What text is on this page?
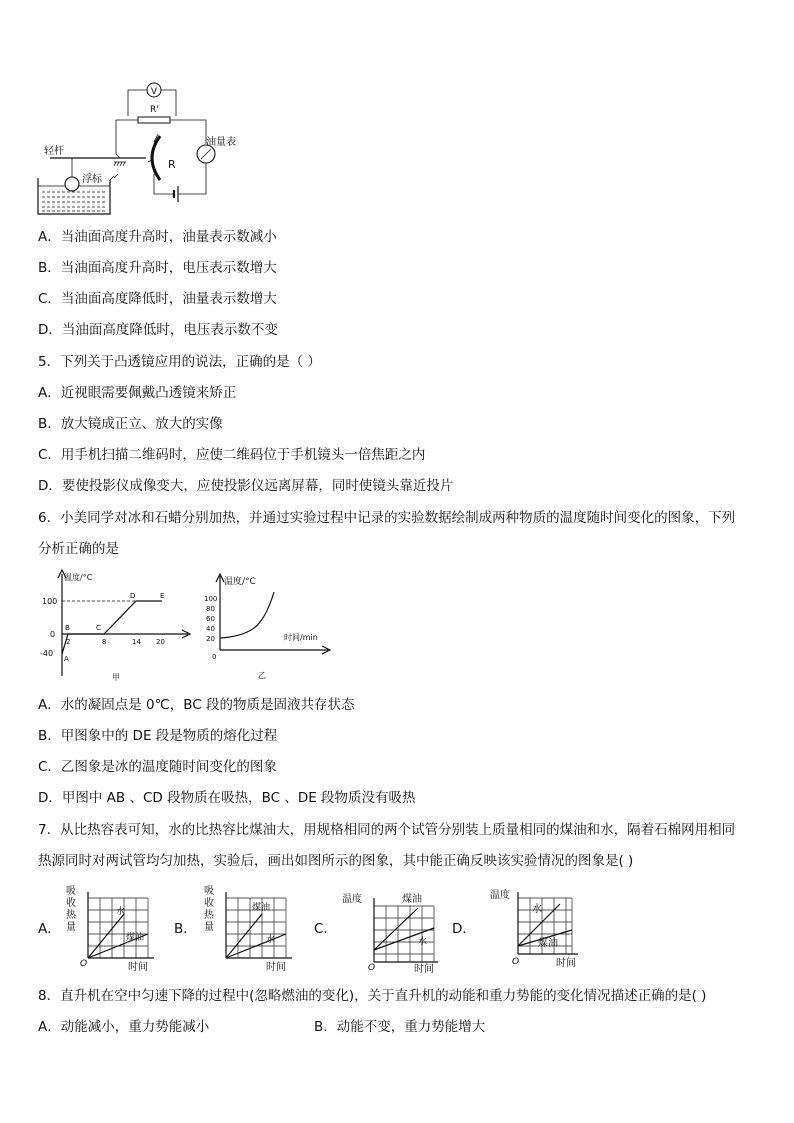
V
R'
油量表
R
轻杆
浮标
A．当油面高度升高时，油量表示数减小
B．当油面高度升高时，电压表示数增大
C．当油面高度降低时，油量表示数增大
D．当油面高度降低时，电压表示数不变
5．下列关于凸透镜应用的说法，正确的是（ ）
A．近视眼需要佩戴凸透镜来矫正
B．放大镜成正立、放大的实像
C．用手机扫描二维码时，应使二维码位于手机镜头一倍焦距之内
D．要使投影仪成像变大，应使投影仪远离屏幕，同时使镜头靠近投片
6．小美同学对冰和石蜡分别加热，并通过实验过程中记录的实验数据绘制成两种物质的温度随时间变化的图象，下列
分析正确的是
温度/°C
100
0
-40
A
B	C
D	E
2	8	14 20
甲
温度/°C
100
80
60
40
20
0
时间/min
乙
A．水的凝固点是 0℃，BC 段的物质是固液共存状态
B．甲图象中的 DE 段是物质的熔化过程
C．乙图象是冰的温度随时间变化的图象
D．甲图中 AB 、CD 段物质在吸热，BC 、DE 段物质没有吸热
7．从比热容表可知，水的比热容比煤油大，用规格相同的两个试管分别装上质量相同的煤油和水，隔着石棉网用相同
热源同时对两试管均匀加热，实验后，画出如图所示的图象，其中能正确反映该实验情况的图象是( )
A．
吸
收
热
量
水
煤油
O	时间
B．
吸
收
热
量
煤油
水
时间
C．
温度	煤油
水
O	时间
D．
温度
水
煤油
O	时间
8．直升机在空中匀速下降的过程中(忽略燃油的变化)，关于直升机的动能和重力势能的变化情况描述正确的是( )
A．动能减小，重力势能减小	B．动能不变，重力势能增大
